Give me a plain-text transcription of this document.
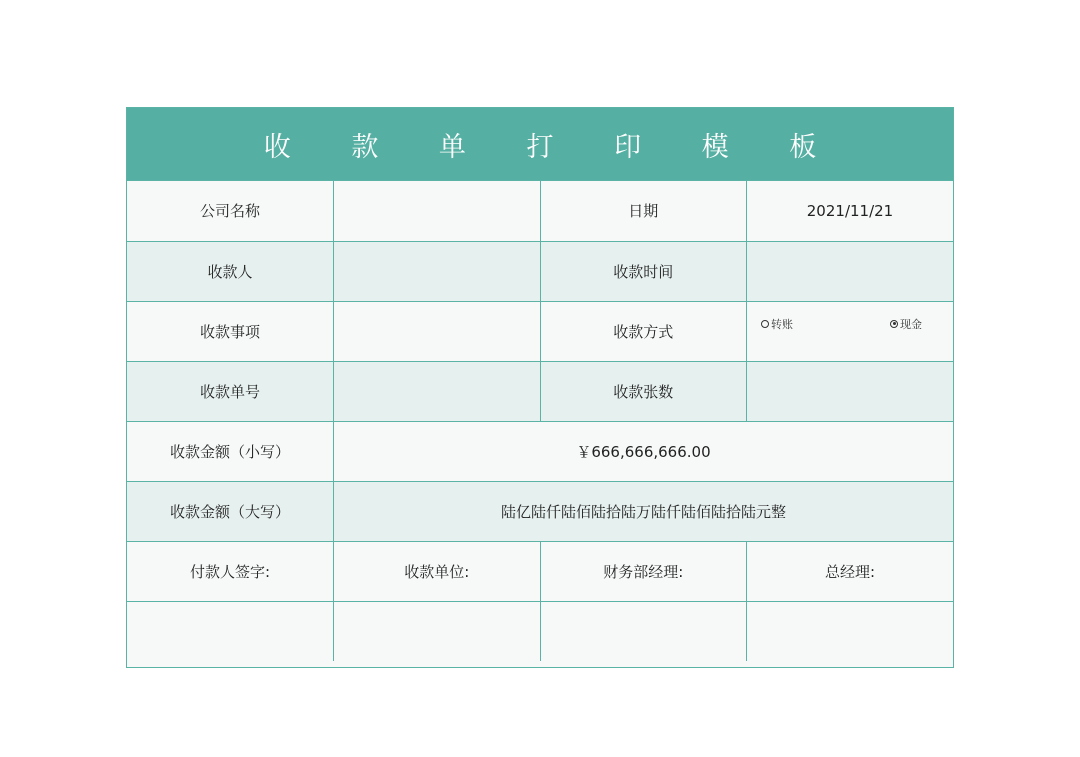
收 款 单 打 印 模 板
公司名称		日期	2021/11/21
收款人		收款时间	
收款事项		收款方式	转账 现金

收款单号		收款张数	
收款金额（小写）	￥666,666,666.00		
收款金额（大写）	陆亿陆仟陆佰陆拾陆万陆仟陆佰陆拾陆元整		
付款人签字:	收款单位:	财务部经理:	总经理:
